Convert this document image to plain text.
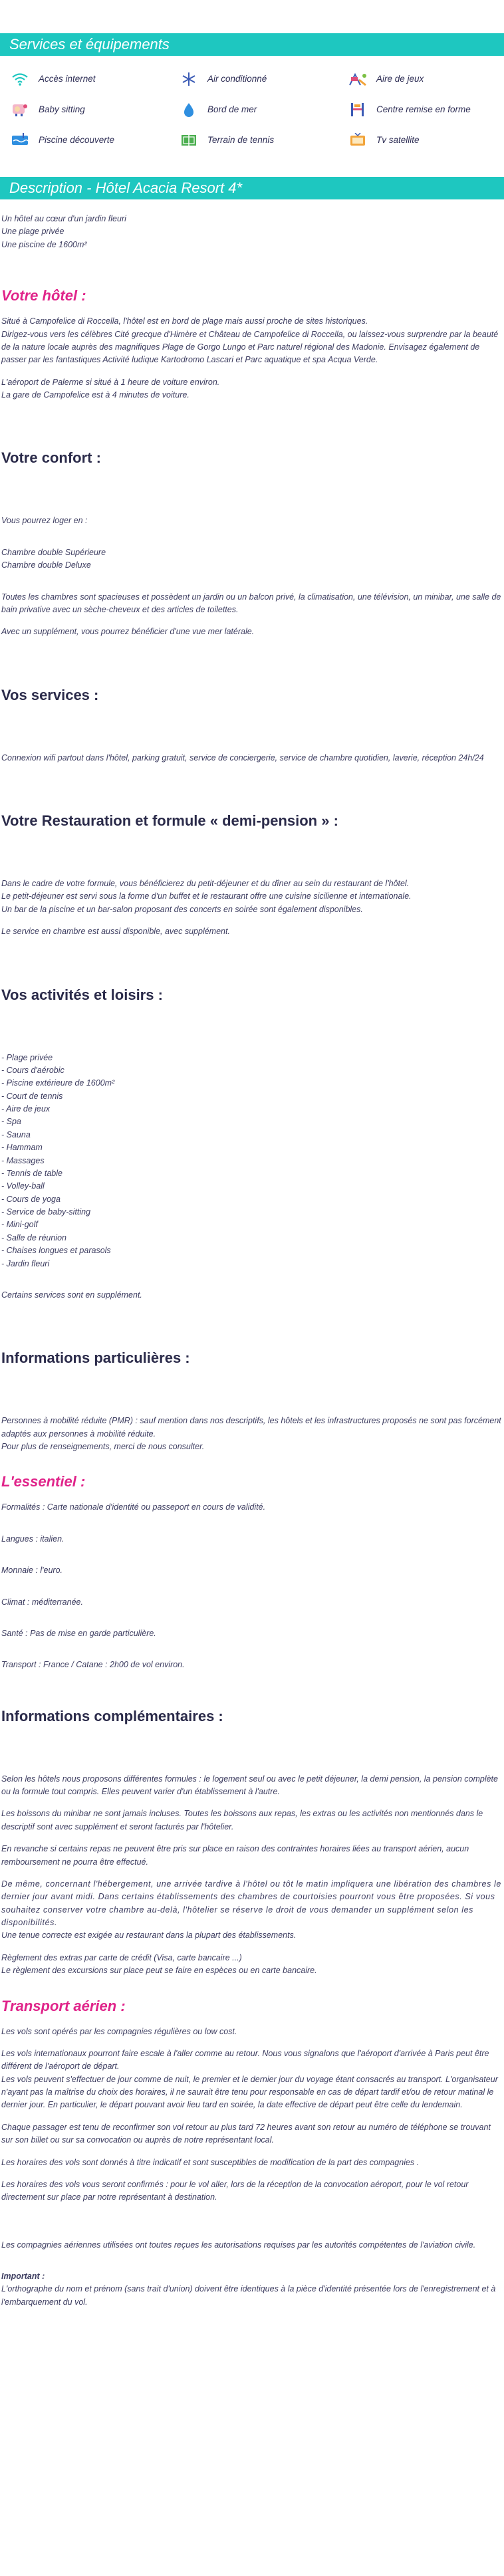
Services et équipements
Accès internet	Air conditionné	Aire de jeux
Baby sitting	Bord de mer	Centre remise en forme
Piscine découverte	Terrain de tennis	Tv satellite
Description - Hôtel Acacia Resort 4*
Un hôtel au cœur d'un jardin fleuri
Une plage privée
Une piscine de 1600m²
Votre hôtel :

Situé à Campofelice di Roccella, l'hôtel est en bord de plage mais aussi proche de sites historiques.

Dirigez-vous vers les célèbres Cité grecque d'Himère et Château de Campofelice di Roccella, ou laissez-vous surprendre par la beauté de la nature locale auprès des magnifiques Plage de Gorgo Lungo et Parc naturel régional des Madonie. Envisagez également de passer par les fantastiques Activité ludique Kartodromo Lascari et Parc aquatique et spa Acqua Verde.

L'aéroport de Palerme si situé à 1 heure de voiture environ.

La gare de Campofelice est à 4 minutes de voiture.

Votre confort :

Vous pourrez loger en :

Chambre double Supérieure

Chambre double Deluxe

Toutes les chambres sont spacieuses et possèdent un jardin ou un balcon privé, la climatisation, une télévision, un minibar, une salle de bain privative avec un sèche-cheveux et des articles de toilettes.

Avec un supplément, vous pourrez bénéficier d'une vue mer latérale.

Vos services :

Connexion wifi partout dans l'hôtel, parking gratuit, service de conciergerie, service de chambre quotidien, laverie, réception 24h/24

Votre Restauration et formule « demi-pension » :

Dans le cadre de votre formule, vous bénéficierez du petit-déjeuner et du dîner au sein du restaurant de l'hôtel.

Le petit-déjeuner est servi sous la forme d'un buffet et le restaurant offre une cuisine sicilienne et internationale.

Un bar de la piscine et un bar-salon proposant des concerts en soirée sont également disponibles.

Le service en chambre est aussi disponible, avec supplément.

Vos activités et loisirs :
- Plage privée
- Cours d'aérobic
- Piscine extérieure de 1600m²
- Court de tennis
- Aire de jeux
- Spa
- Sauna
- Hammam
- Massages
- Tennis de table
- Volley-ball
- Cours de yoga
- Service de baby-sitting
- Mini-golf
- Salle de réunion
- Chaises longues et parasols
- Jardin fleuri

Certains services sont en supplément.

Informations particulières :

Personnes à mobilité réduite (PMR) : sauf mention dans nos descriptifs, les hôtels et les infrastructures proposés ne sont pas forcément adaptés aux personnes à mobilité réduite.

Pour plus de renseignements, merci de nous consulter.

L'essentiel :

Formalités : Carte nationale d'identité ou passeport en cours de validité.

Langues : italien.

Monnaie : l'euro.

Climat : méditerranée.

Santé : Pas de mise en garde particulière.

Transport : France / Catane : 2h00 de vol environ.

Informations complémentaires :

Selon les hôtels nous proposons différentes formules : le logement seul ou avec le petit déjeuner, la demi pension, la pension complète ou la formule tout compris. Elles peuvent varier d'un établissement à l'autre.

Les boissons du minibar ne sont jamais incluses. Toutes les boissons aux repas, les extras ou les activités non mentionnés dans le descriptif sont avec supplément et seront facturés par l'hôtelier.

En revanche si certains repas ne peuvent être pris sur place en raison des contraintes horaires liées au transport aérien, aucun remboursement ne pourra être effectué.

De même, concernant l'hébergement, une arrivée tardive à l'hôtel ou tôt le matin impliquera une libération des chambres le dernier jour avant midi. Dans certains établissements des chambres de courtoisies pourront vous être proposées. Si vous souhaitez conserver votre chambre au-delà, l'hôtelier se réserve le droit de vous demander un supplément selon les disponibilités.

Une tenue correcte est exigée au restaurant dans la plupart des établissements.

Règlement des extras par carte de crédit (Visa, carte bancaire ...)

Le règlement des excursions sur place peut se faire en espèces ou en carte bancaire.

Transport aérien :

Les vols sont opérés par les compagnies régulières ou low cost.

Les vols internationaux pourront faire escale à l'aller comme au retour. Nous vous signalons que l'aéroport d'arrivée à Paris peut être différent de l'aéroport de départ.

Les vols peuvent s'effectuer de jour comme de nuit, le premier et le dernier jour du voyage étant consacrés au transport. L'organisateur n'ayant pas la maîtrise du choix des horaires, il ne saurait être tenu pour responsable en cas de départ tardif et/ou de retour matinal le dernier jour. En particulier, le départ pouvant avoir lieu tard en soirée, la date effective de départ peut être celle du lendemain.

Chaque passager est tenu de reconfirmer son vol retour au plus tard 72 heures avant son retour au numéro de téléphone se trouvant sur son billet ou sur sa convocation ou auprès de notre représentant local.

Les horaires des vols sont donnés à titre indicatif et sont susceptibles de modification de la part des compagnies .

Les horaires des vols vous seront confirmés : pour le vol aller, lors de la réception de la convocation aéroport, pour le vol retour directement sur place par notre représentant à destination.

Les compagnies aériennes utilisées ont toutes reçues les autorisations requises par les autorités compétentes de l'aviation civile.

Important :

L'orthographe du nom et prénom (sans trait d'union) doivent être identiques à la pièce d'identité présentée lors de l'enregistrement et à l'embarquement du vol.
